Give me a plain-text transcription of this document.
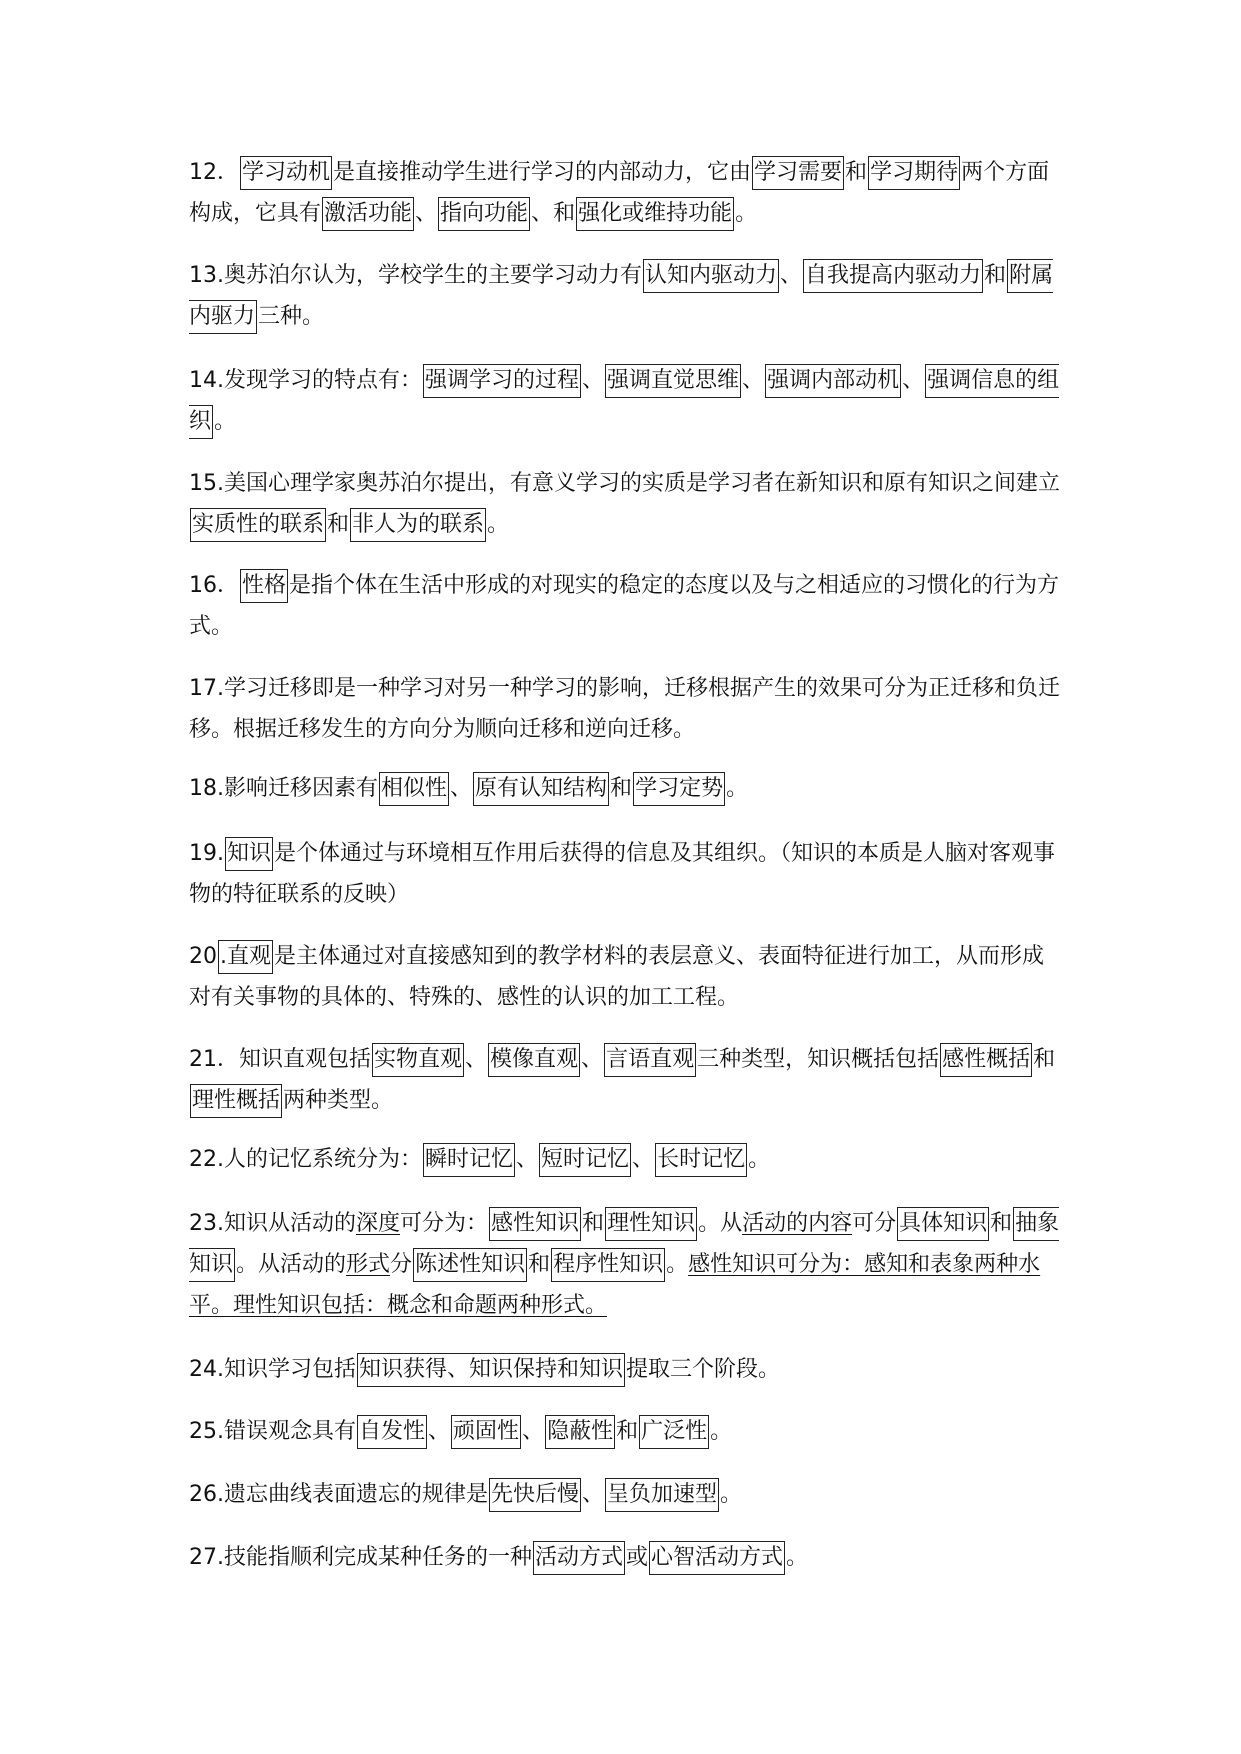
12． 学习动机 是直接推动学生进行学习的内部动力，它由 学习需要 和 学习期待 两个方面构成，它具有 激活功能 、 指向功能 、和 强化或维持功能 。

13.奥苏泊尔认为，学校学生的主要学习动力有 认知内驱动力 、 自我提高内驱动力 和 附属内驱力 三种。

14.发现学习的特点有： 强调学习的过程 、 强调直觉思维 、 强调内部动机 、 强调信息的组织 。

15.美国心理学家奥苏泊尔提出，有意义学习的实质是学习者在新知识和原有知识之间建立实质性的联系 和 非人为的联系 。

16． 性格 是指个体在生活中形成的对现实的稳定的态度以及与之相适应的习惯化的行为方式。

17.学习迁移即是一种学习对另一种学习的影响，迁移根据产生的效果可分为正迁移和负迁移。根据迁移发生的方向分为顺向迁移和逆向迁移。

18.影响迁移因素有 相似性 、 原有认知结构 和 学习定势 。

19. 知识 是个体通过与环境相互作用后获得的信息及其组织。（知识的本质是人脑对客观事物的特征联系的反映）

20 .直观 是主体通过对直接感知到的教学材料的表层意义、表面特征进行加工，从而形成对有关事物的具体的、特殊的、感性的认识的加工工程。

21．知识直观包括 实物直观 、 模像直观 、 言语直观 三种类型，知识概括包括 感性概括 和理性概括 两种类型。

22.人的记忆系统分为： 瞬时记忆 、 短时记忆 、 长时记忆 。

23.知识从活动的深度可分为： 感性知识 和 理性知识 。从活动的内容可分 具体知识 和 抽象知识 。从活动的形式分 陈述性知识 和 程序性知识 。感性知识可分为：感知和表象两种水平。理性知识包括：概念和命题两种形式。

24.知识学习包括 知识获得、知识保持和知识 提取三个阶段。

25.错误观念具有 自发性 、 顽固性 、 隐蔽性 和 广泛性 。

26.遗忘曲线表面遗忘的规律是 先快后慢 、 呈负加速型 。

27.技能指顺利完成某种任务的一种 活动方式 或 心智活动方式 。
